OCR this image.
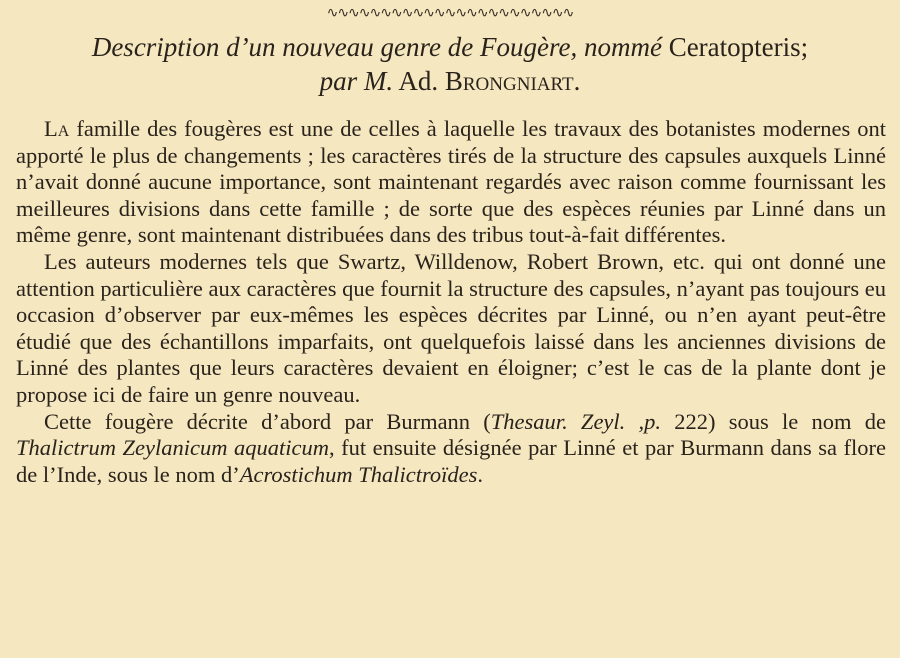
∿∿∿∿∿∿∿∿∿∿∿∿∿∿∿∿∿∿∿∿∿∿∿
Description d’un nouveau genre de Fougère, nommé Ceratopteris;
par M. Ad. Brongniart.

La famille des fougères est une de celles à laquelle les travaux des botanistes modernes ont apporté le plus de changements ; les caractères tirés de la structure des capsules auxquels Linné n’avait donné aucune importance, sont maintenant regardés avec raison comme fournissant les meilleures divisions dans cette famille ; de sorte que des espèces réunies par Linné dans un même genre, sont maintenant distribuées dans des tribus tout-à-fait différentes.

Les auteurs modernes tels que Swartz, Willdenow, Robert Brown, etc. qui ont donné une attention particulière aux caractères que fournit la structure des capsules, n’ayant pas toujours eu occasion d’observer par eux-mêmes les espèces décrites par Linné, ou n’en ayant peut-être étudié que des échantillons imparfaits, ont quelquefois laissé dans les anciennes divisions de Linné des plantes que leurs caractères devaient en éloigner; c’est le cas de la plante dont je propose ici de faire un genre nouveau.

Cette fougère décrite d’abord par Burmann (Thesaur. Zeyl. ,p. 222) sous le nom de Thalictrum Zeylanicum aquaticum, fut ensuite désignée par Linné et par Burmann dans sa flore de l’Inde, sous le nom d’Acrostichum Thalictroïdes.
